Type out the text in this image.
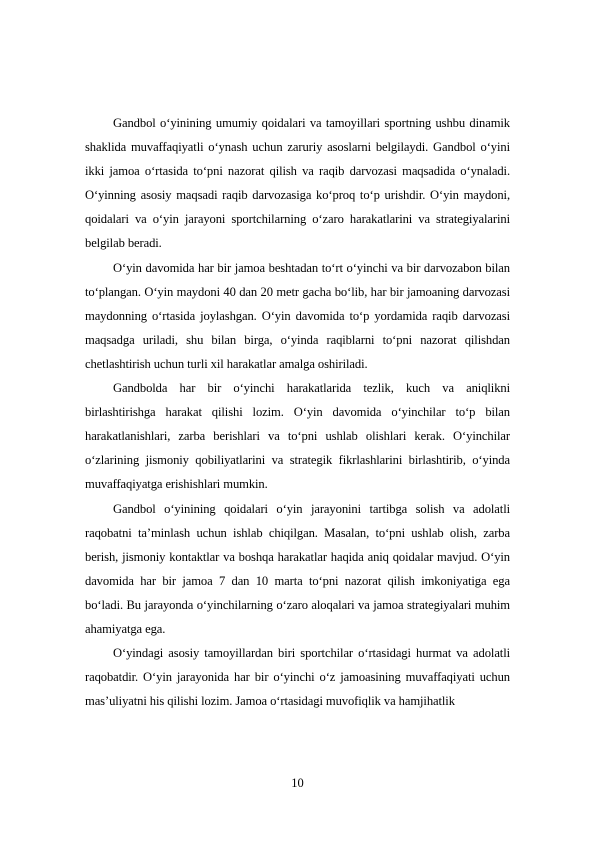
Gandbol o‘yinining umumiy qoidalari va tamoyillari sportning ushbu dinamik shaklida muvaffaqiyatli o‘ynash uchun zaruriy asoslarni belgilaydi. Gandbol o‘yini ikki jamoa o‘rtasida to‘pni nazorat qilish va raqib darvozasi maqsadida o‘ynaladi. O‘yinning asosiy maqsadi raqib darvozasiga ko‘proq to‘p urishdir. O‘yin maydoni, qoidalari va o‘yin jarayoni sportchilarning o‘zaro harakatlarini va strategiyalarini belgilab beradi.

O‘yin davomida har bir jamoa beshtadan to‘rt o‘yinchi va bir darvozabon bilan to‘plangan. O‘yin maydoni 40 dan 20 metr gacha bo‘lib, har bir jamoaning darvozasi maydonning o‘rtasida joylashgan. O‘yin davomida to‘p yordamida raqib darvozasi maqsadga uriladi, shu bilan birga, o‘yinda raqiblarni to‘pni nazorat qilishdan chetlashtirish uchun turli xil harakatlar amalga oshiriladi.

Gandbolda har bir o‘yinchi harakatlarida tezlik, kuch va aniqlikni birlashtirishga harakat qilishi lozim. O‘yin davomida o‘yinchilar to‘p bilan harakatlanishlari, zarba berishlari va to‘pni ushlab olishlari kerak. O‘yinchilar o‘zlarining jismoniy qobiliyatlarini va strategik fikrlashlarini birlashtirib, o‘yinda muvaffaqiyatga erishishlari mumkin.

Gandbol o‘yinining qoidalari o‘yin jarayonini tartibga solish va adolatli raqobatni ta’minlash uchun ishlab chiqilgan. Masalan, to‘pni ushlab olish, zarba berish, jismoniy kontaktlar va boshqa harakatlar haqida aniq qoidalar mavjud. O‘yin davomida har bir jamoa 7 dan 10 marta to‘pni nazorat qilish imkoniyatiga ega bo‘ladi. Bu jarayonda o‘yinchilarning o‘zaro aloqalari va jamoa strategiyalari muhim ahamiyatga ega.

O‘yindagi asosiy tamoyillardan biri sportchilar o‘rtasidagi hurmat va adolatli raqobatdir. O‘yin jarayonida har bir o‘yinchi o‘z jamoasining muvaffaqiyati uchun mas’uliyatni his qilishi lozim. Jamoa o‘rtasidagi muvofiqlik va hamjihatlik

10
